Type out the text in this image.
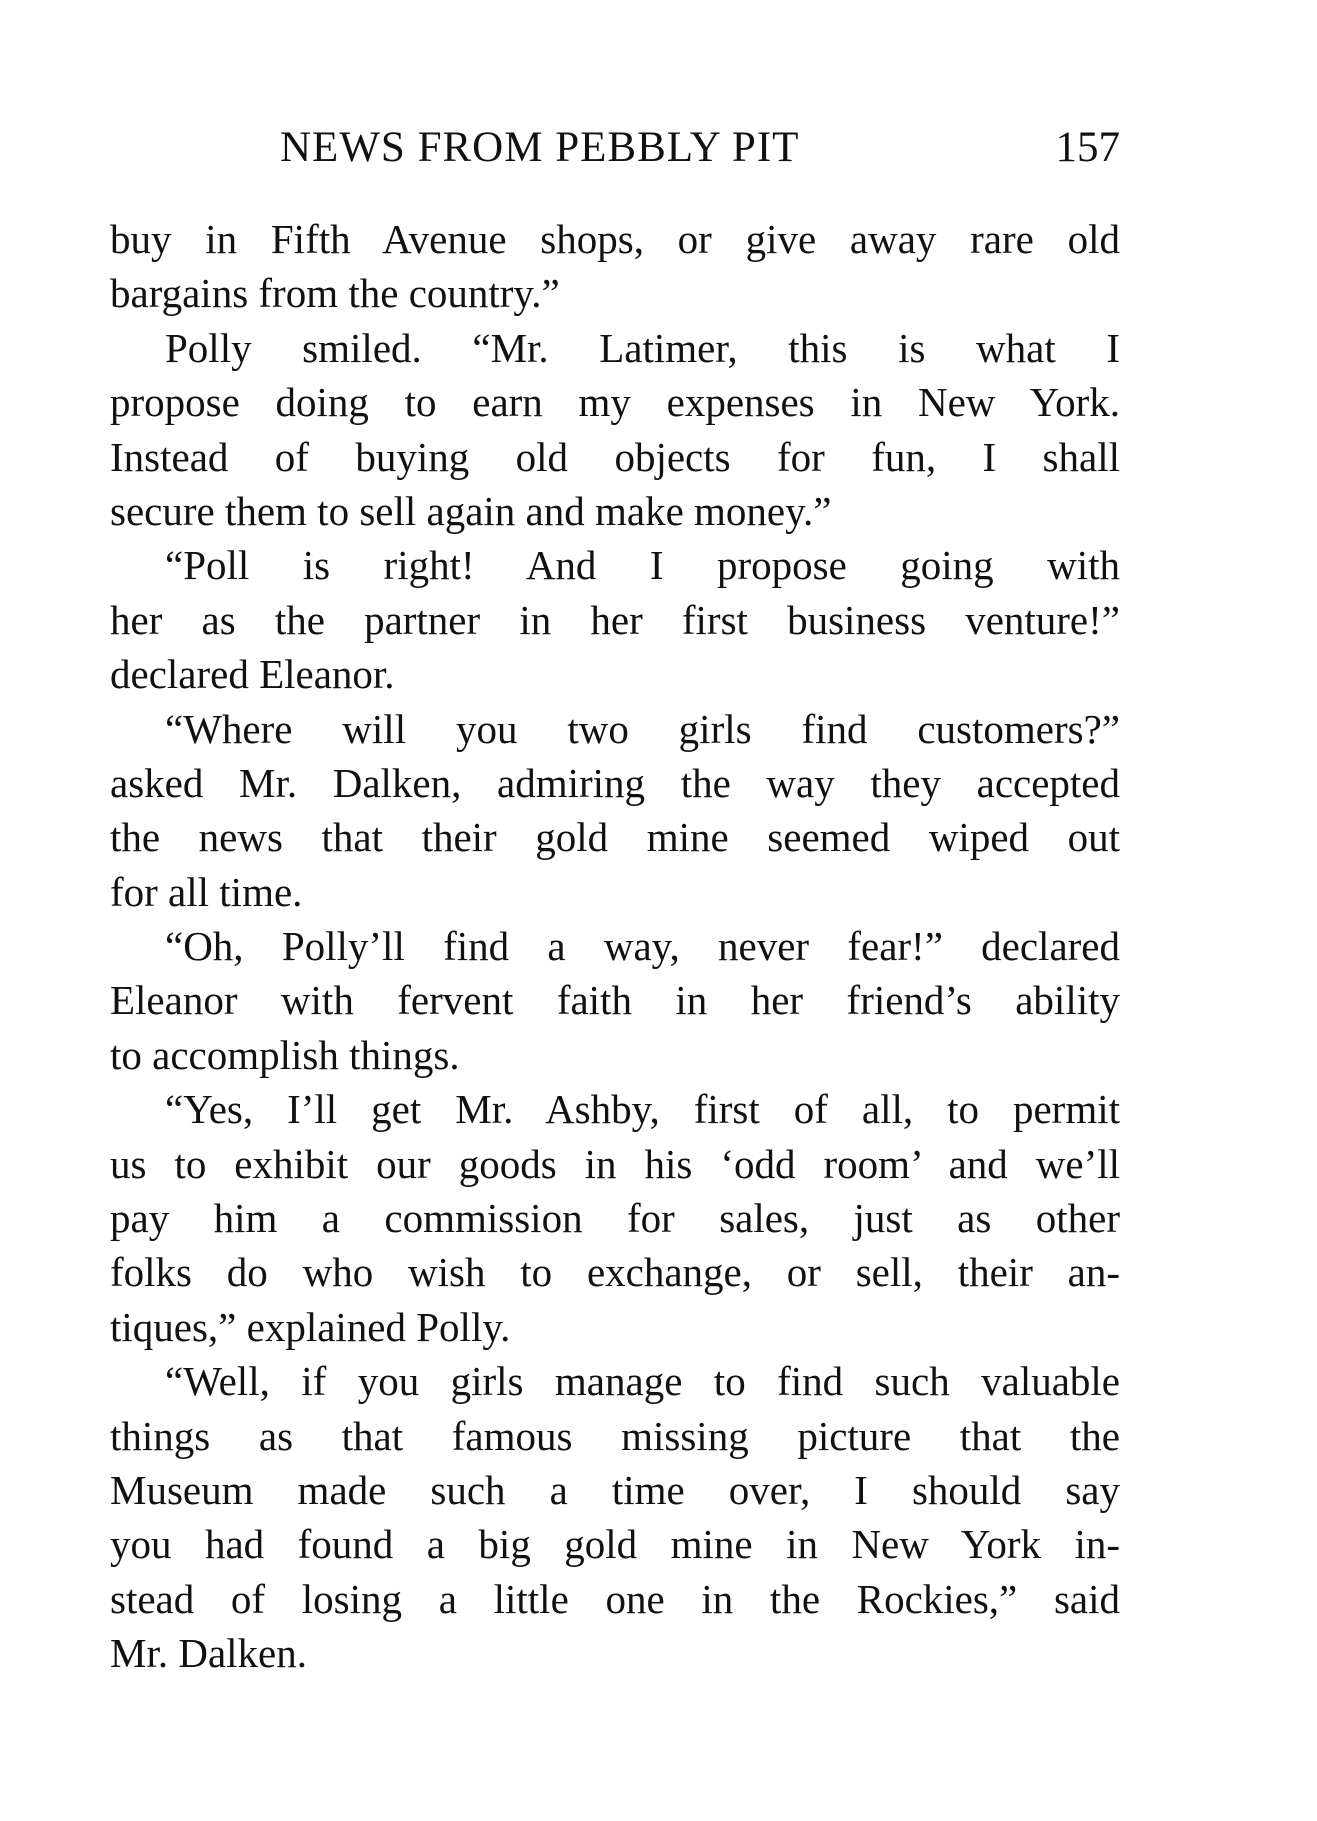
NEWS FROM PEBBLY PIT	157
buy in Fifth Avenue shops, or give away rare old
bargains from the country.”
Polly smiled. “Mr. Latimer, this is what I
propose doing to earn my expenses in New York.
Instead of buying old objects for fun, I shall
secure them to sell again and make money.”
“Poll is right! And I propose going with
her as the partner in her first business venture!”
declared Eleanor.
“Where will you two girls find customers?”
asked Mr. Dalken, admiring the way they accepted
the news that their gold mine seemed wiped out
for all time.
“Oh, Polly’ll find a way, never fear!” declared
Eleanor with fervent faith in her friend’s ability
to accomplish things.
“Yes, I’ll get Mr. Ashby, first of all, to permit
us to exhibit our goods in his ‘odd room’ and we’ll
pay him a commission for sales, just as other
folks do who wish to exchange, or sell, their an-
tiques,” explained Polly.
“Well, if you girls manage to find such valuable
things as that famous missing picture that the
Museum made such a time over, I should say
you had found a big gold mine in New York in-
stead of losing a little one in the Rockies,” said
Mr. Dalken.
